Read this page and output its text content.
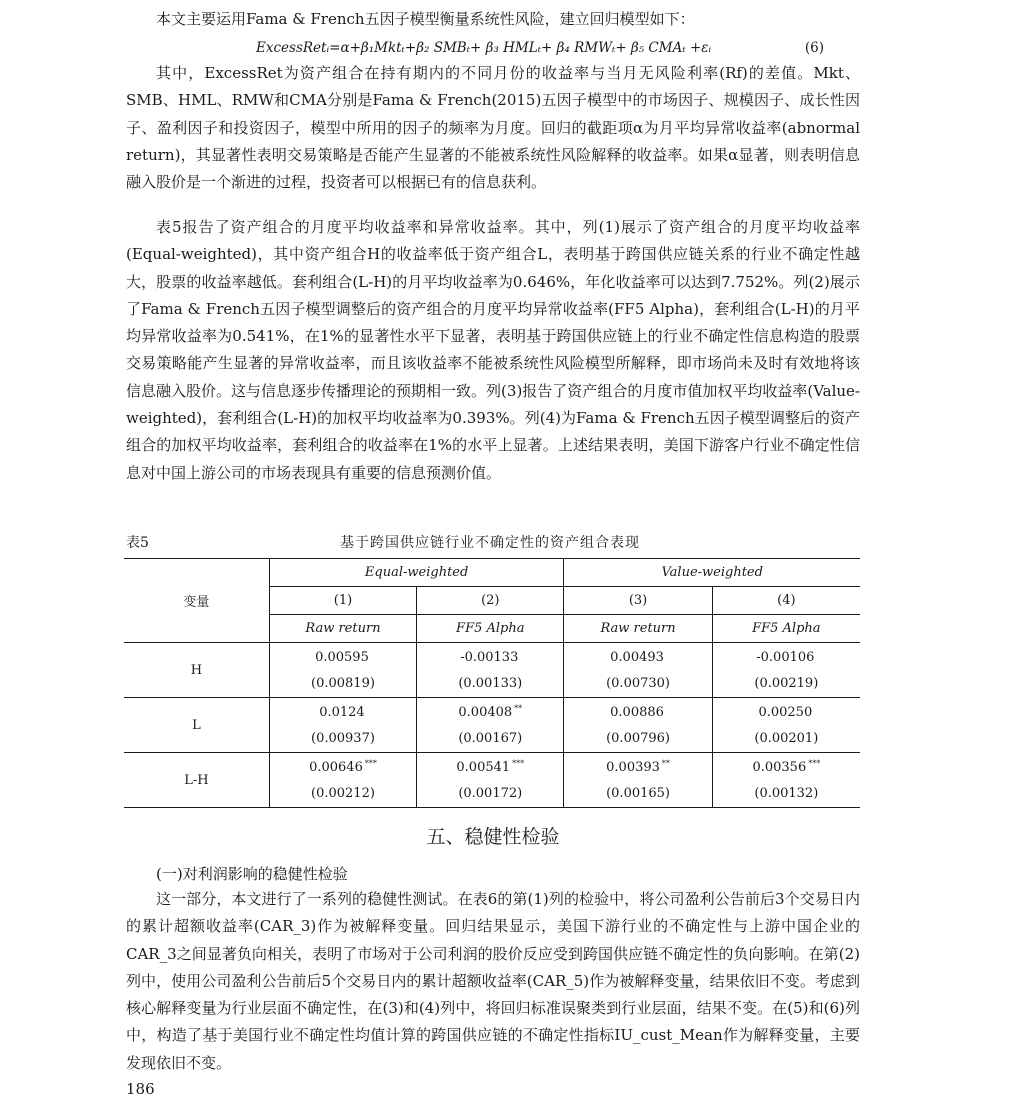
本文主要运用Fama & French五因子模型衡量系统性风险，建立回归模型如下：

ExcessRetᵢ=α+β₁Mktₜ+β₂ SMBₜ+ β₃ HMLₜ+ β₄ RMWₜ+ β₅ CMAₜ +εᵢ	(6)

其中，ExcessRet为资产组合在持有期内的不同月份的收益率与当月无风险利率(Rf)的差值。Mkt、SMB、HML、RMW和CMA分别是Fama & French(2015)五因子模型中的市场因子、规模因子、成长性因子、盈利因子和投资因子，模型中所用的因子的频率为月度。回归的截距项α为月平均异常收益率(abnormal return)，其显著性表明交易策略是否能产生显著的不能被系统性风险解释的收益率。如果α显著，则表明信息融入股价是一个渐进的过程，投资者可以根据已有的信息获利。

表5报告了资产组合的月度平均收益率和异常收益率。其中，列(1)展示了资产组合的月度平均收益率(Equal-weighted)，其中资产组合H的收益率低于资产组合L，表明基于跨国供应链关系的行业不确定性越大，股票的收益率越低。套利组合(L-H)的月平均收益率为0.646%，年化收益率可以达到7.752%。列(2)展示了Fama & French五因子模型调整后的资产组合的月度平均异常收益率(FF5 Alpha)，套利组合(L-H)的月平均异常收益率为0.541%，在1%的显著性水平下显著，表明基于跨国供应链上的行业不确定性信息构造的股票交易策略能产生显著的异常收益率，而且该收益率不能被系统性风险模型所解释，即市场尚未及时有效地将该信息融入股价。这与信息逐步传播理论的预期相一致。列(3)报告了资产组合的月度市值加权平均收益率(Value-weighted)，套利组合(L-H)的加权平均收益率为0.393%。列(4)为Fama & French五因子模型调整后的资产组合的加权平均收益率，套利组合的收益率在1%的水平上显著。上述结果表明，美国下游客户行业不确定性信息对中国上游公司的市场表现具有重要的信息预测价值。

表5	基于跨国供应链行业不确定性的资产组合表现
变量	Equal-weighted		Value-weighted	
	(1)	(2)	(3)	(4)
	Raw return	FF5 Alpha	Raw return	FF5 Alpha
H	0.00595	-0.00133	0.00493	-0.00106
	(0.00819)	(0.00133)	(0.00730)	(0.00219)
L	0.0124	0.00408 **	0.00886	0.00250
	(0.00937)	(0.00167)	(0.00796)	(0.00201)
L-H	0.00646 ***	0.00541 ***	0.00393 **	0.00356 ***
	(0.00212)	(0.00172)	(0.00165)	(0.00132)
五、稳健性检验
(一)对利润影响的稳健性检验

这一部分，本文进行了一系列的稳健性测试。在表6的第(1)列的检验中，将公司盈利公告前后3个交易日内的累计超额收益率(CAR_3)作为被解释变量。回归结果显示，美国下游行业的不确定性与上游中国企业的CAR_3之间显著负向相关，表明了市场对于公司利润的股价反应受到跨国供应链不确定性的负向影响。在第(2)列中，使用公司盈利公告前后5个交易日内的累计超额收益率(CAR_5)作为被解释变量，结果依旧不变。考虑到核心解释变量为行业层面不确定性，在(3)和(4)列中，将回归标准误聚类到行业层面，结果不变。在(5)和(6)列中，构造了基于美国行业不确定性均值计算的跨国供应链的不确定性指标IU_cust_Mean作为解释变量，主要发现依旧不变。

186
